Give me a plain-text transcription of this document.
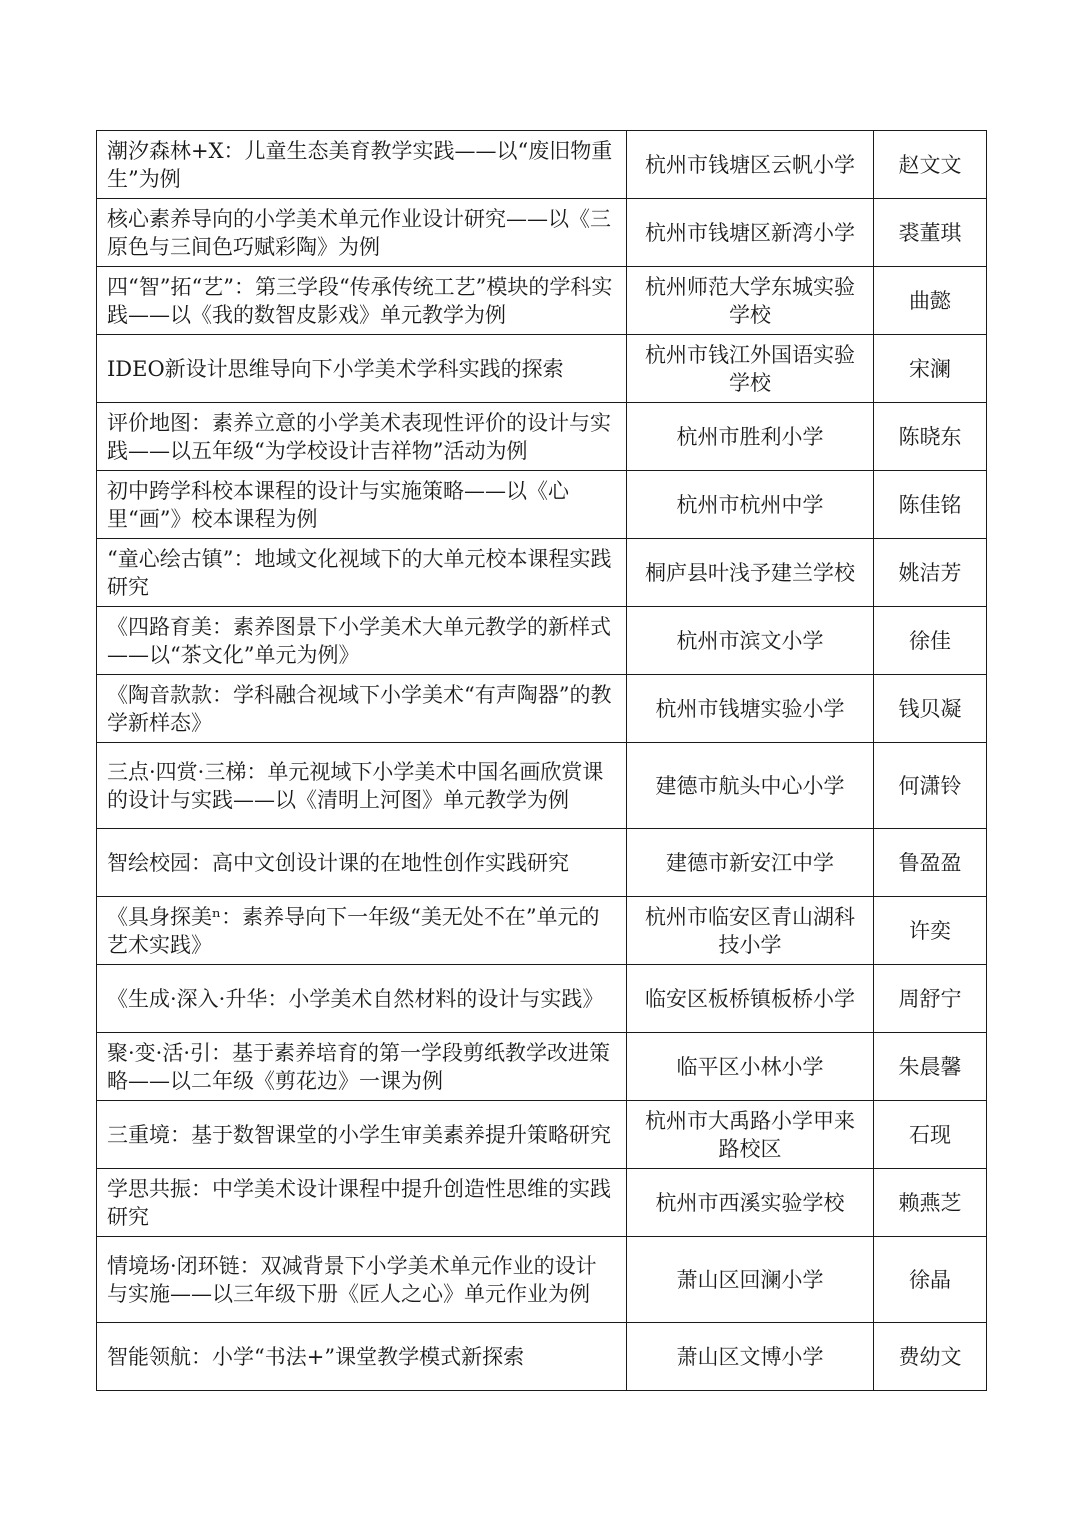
潮汐森林+X：儿童生态美育教学实践——以“废旧物重生”为例	杭州市钱塘区云帆小学	赵文文
核心素养导向的小学美术单元作业设计研究——以《三原色与三间色巧赋彩陶》为例	杭州市钱塘区新湾小学	裘董琪
四“智”拓“艺”：第三学段“传承传统工艺”模块的学科实践——以《我的数智皮影戏》单元教学为例	杭州师范大学东城实验学校	曲懿
IDEO新设计思维导向下小学美术学科实践的探索	杭州市钱江外国语实验学校	宋澜
评价地图：素养立意的小学美术表现性评价的设计与实践——以五年级“为学校设计吉祥物”活动为例	杭州市胜利小学	陈晓东
初中跨学科校本课程的设计与实施策略——以《心里“画”》校本课程为例	杭州市杭州中学	陈佳铭
“童心绘古镇”：地域文化视域下的大单元校本课程实践研究	桐庐县叶浅予建兰学校	姚洁芳
《四路育美：素养图景下小学美术大单元教学的新样式——以“茶文化”单元为例》	杭州市滨文小学	徐佳
《陶音款款：学科融合视域下小学美术“有声陶器”的教学新样态》	杭州市钱塘实验小学	钱贝凝
三点·四赏·三梯：单元视域下小学美术中国名画欣赏课的设计与实践——以《清明上河图》单元教学为例	建德市航头中心小学	何潇铃
智绘校园：高中文创设计课的在地性创作实践研究	建德市新安江中学	鲁盈盈
《具身探美ⁿ：素养导向下一年级“美无处不在”单元的艺术实践》	杭州市临安区青山湖科技小学	许奕
《生成·深入·升华：小学美术自然材料的设计与实践》	临安区板桥镇板桥小学	周舒宁
聚·变·活·引：基于素养培育的第一学段剪纸教学改进策略——以二年级《剪花边》一课为例	临平区小林小学	朱晨馨
三重境：基于数智课堂的小学生审美素养提升策略研究	杭州市大禹路小学甲来路校区	石现
学思共振：中学美术设计课程中提升创造性思维的实践研究	杭州市西溪实验学校	赖燕芝
情境场·闭环链：双减背景下小学美术单元作业的设计与实施——以三年级下册《匠人之心》单元作业为例	萧山区回澜小学	徐晶
智能领航：小学“书法+”课堂教学模式新探索	萧山区文博小学	费幼文
